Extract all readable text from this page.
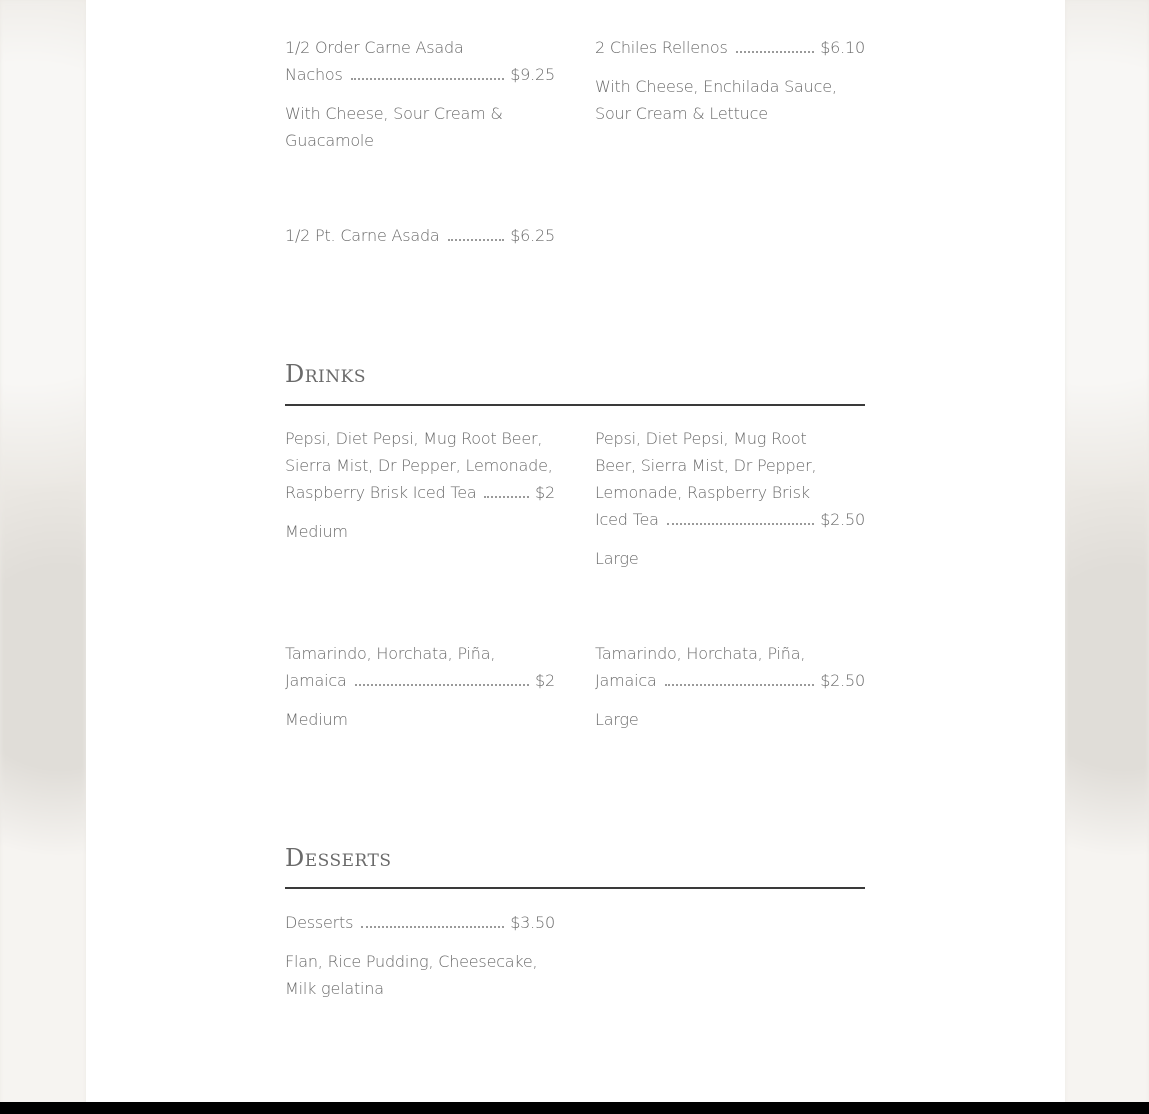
1/2 Order Carne Asada
Nachos	$9.25
With Cheese, Sour Cream & Guacamole
2 Chiles Rellenos	$6.10
With Cheese, Enchilada Sauce, Sour Cream & Lettuce
1/2 Pt. Carne Asada	$6.25
Drinks
Pepsi, Diet Pepsi, Mug Root Beer,
Sierra Mist, Dr Pepper, Lemonade,
Raspberry Brisk Iced Tea	$2
Medium
Pepsi, Diet Pepsi, Mug Root
Beer, Sierra Mist, Dr Pepper,
Lemonade, Raspberry Brisk
Iced Tea	$2.50
Large
Tamarindo, Horchata, Piña,
Jamaica	$2
Medium
Tamarindo, Horchata, Piña,
Jamaica	$2.50
Large
Desserts
Desserts	$3.50
Flan, Rice Pudding, Cheesecake, Milk gelatina
